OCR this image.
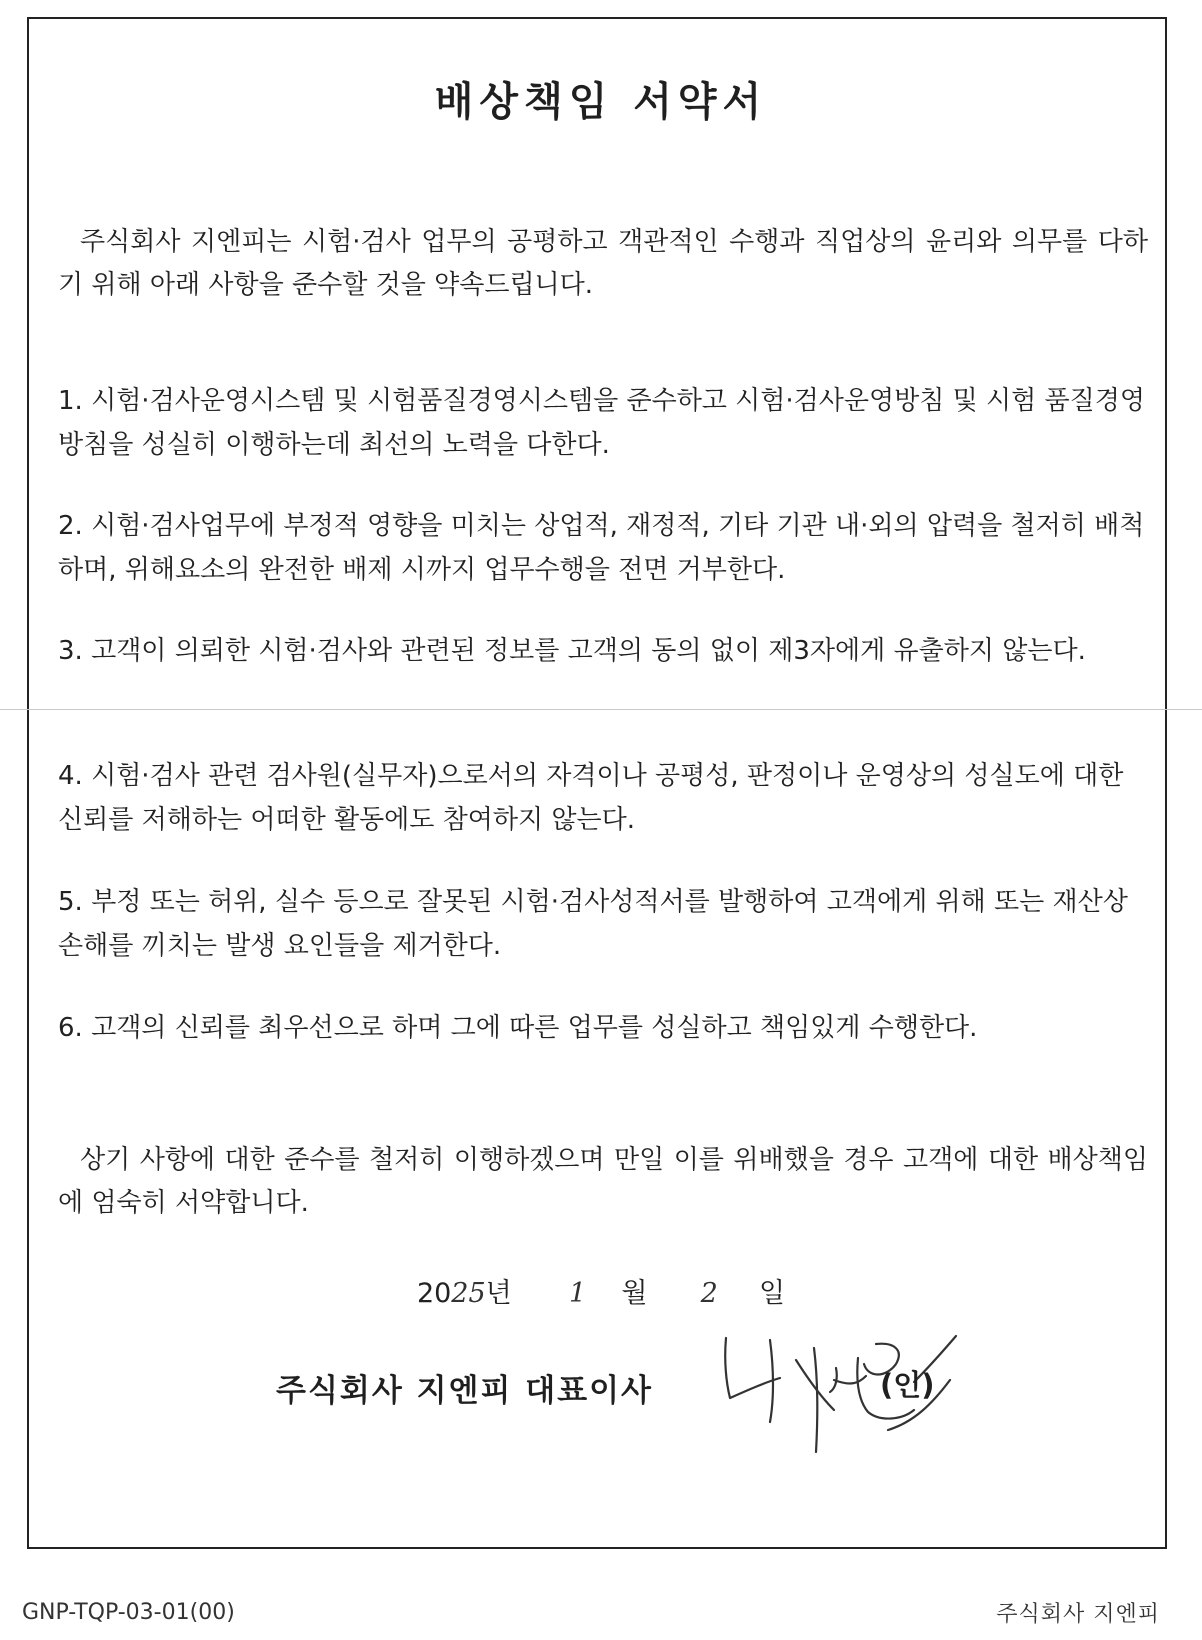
배상책임 서약서

주식회사 지엔피는 시험·검사 업무의 공평하고 객관적인 수행과 직업상의 윤리와 의무를 다하기 위해 아래 사항을 준수할 것을 약속드립니다.

1. 시험·검사운영시스템 및 시험품질경영시스템을 준수하고 시험·검사운영방침 및 시험 품질경영방침을 성실히 이행하는데 최선의 노력을 다한다.
2. 시험·검사업무에 부정적 영향을 미치는 상업적, 재정적, 기타 기관 내·외의 압력을 철저히 배척하며, 위해요소의 완전한 배제 시까지 업무수행을 전면 거부한다.
3. 고객이 의뢰한 시험·검사와 관련된 정보를 고객의 동의 없이 제3자에게 유출하지 않는다.
4. 시험·검사 관련 검사원(실무자)으로서의 자격이나 공평성, 판정이나 운영상의 성실도에 대한 신뢰를 저해하는 어떠한 활동에도 참여하지 않는다.
5. 부정 또는 허위, 실수 등으로 잘못된 시험·검사성적서를 발행하여 고객에게 위해 또는 재산상 손해를 끼치는 발생 요인들을 제거한다.
6. 고객의 신뢰를 최우선으로 하며 그에 따른 업무를 성실하고 책임있게 수행한다.

상기 사항에 대한 준수를 철저히 이행하겠으며 만일 이를 위배했을 경우 고객에 대한 배상책임에 엄숙히 서약합니다.

2025년 1 월 2 일
주식회사 지엔피 대표이사	(인)
GNP-TQP-03-01(00)	주식회사 지엔피
